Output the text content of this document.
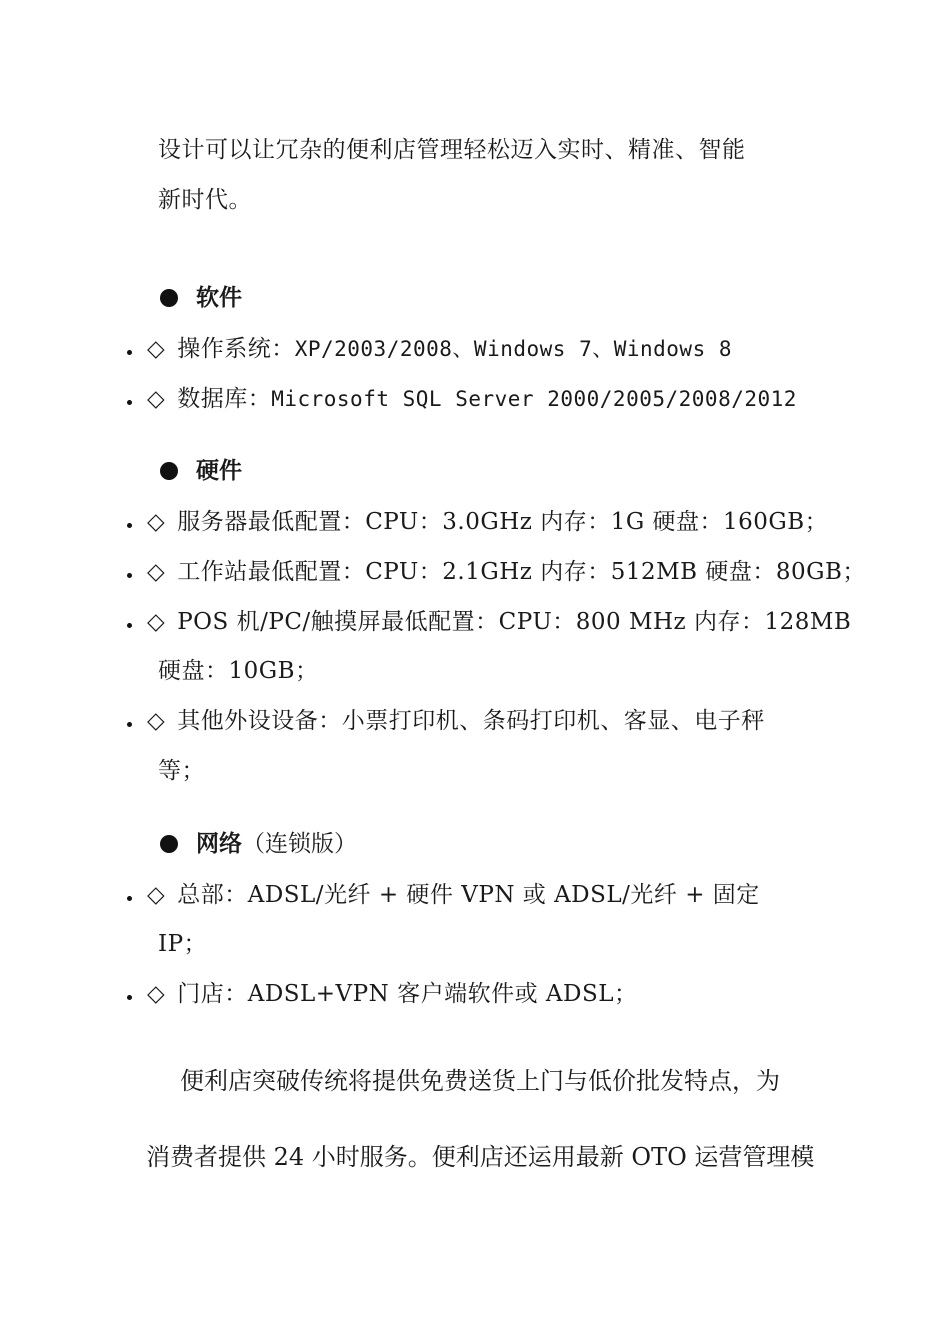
设计可以让冗杂的便利店管理轻松迈入实时、精准、智能
新时代。
软件
◇ 操作系统：XP/2003/2008、Windows 7、Windows 8
◇ 数据库：Microsoft SQL Server 2000/2005/2008/2012
硬件
◇ 服务器最低配置：CPU：3.0GHz 内存：1G 硬盘：160GB；
◇ 工作站最低配置：CPU：2.1GHz 内存：512MB 硬盘：80GB；
◇ POS 机/PC/触摸屏最低配置：CPU：800 MHz 内存：128MB
硬盘：10GB；
◇ 其他外设设备：小票打印机、条码打印机、客显、电子秤
等；
网络（连锁版）
◇ 总部：ADSL/光纤 + 硬件 VPN 或 ADSL/光纤 + 固定
IP；
◇ 门店：ADSL+VPN 客户端软件或 ADSL；
便利店突破传统将提供免费送货上门与低价批发特点，为
消费者提供 24 小时服务。便利店还运用最新 OTO 运营管理模
